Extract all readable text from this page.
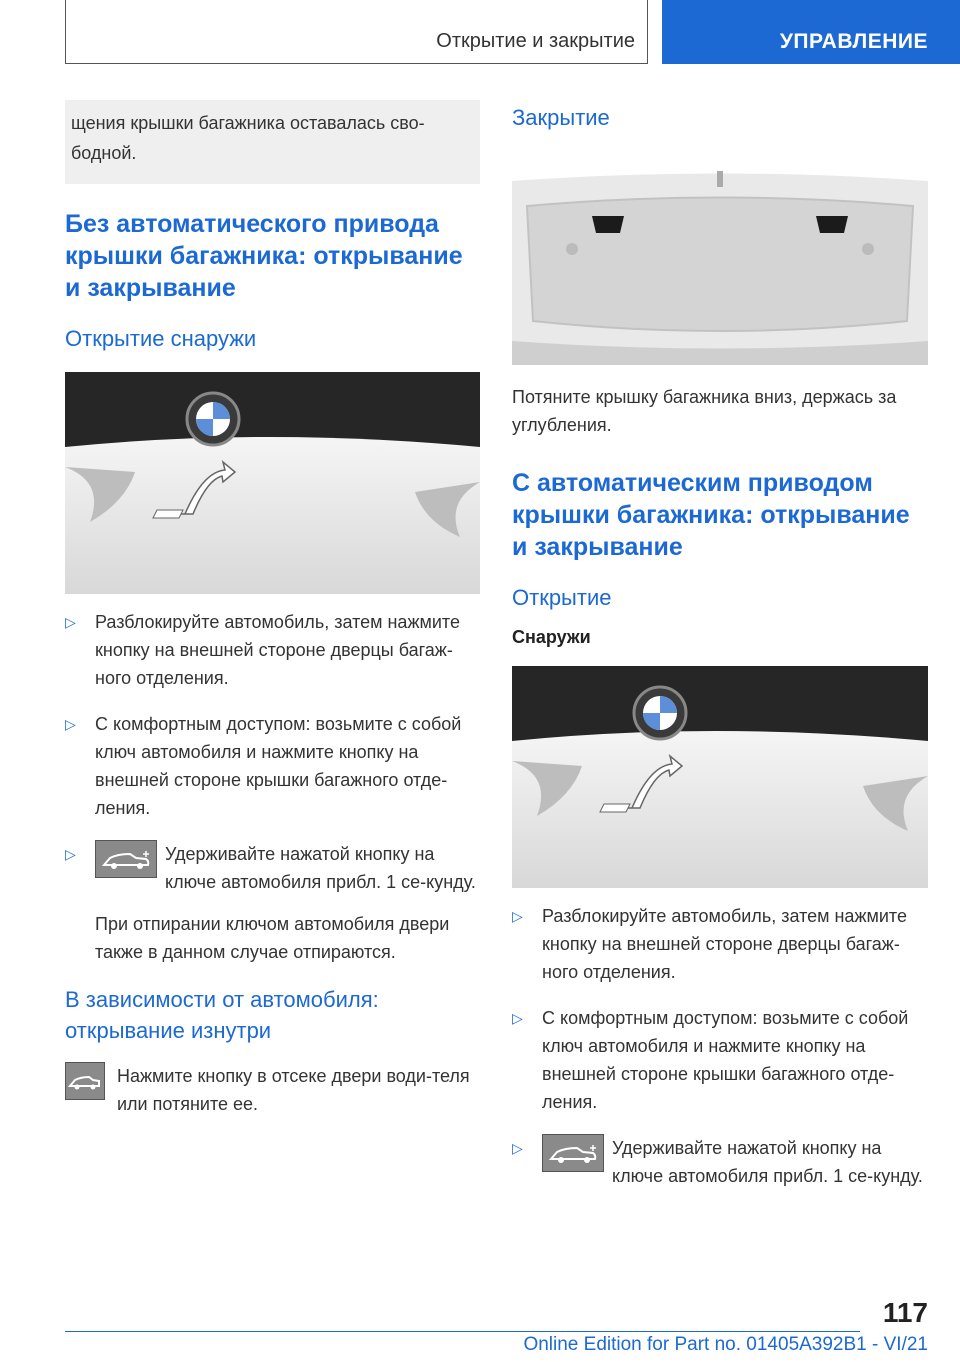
Открытие и закрытие	УПРАВЛЕНИЕ
щения крышки багажника оставалась сво-бодной.
Без автоматического привода крышки багажника: открывание и закрывание
Открытие снаружи
▷ Разблокируйте автомобиль, затем нажмите кнопку на внешней стороне дверцы багаж-ного отделения.
▷ С комфортным доступом: возьмите с собой ключ автомобиля и нажмите кнопку на внешней стороне крышки багажного отде-ления.
▷	Удерживайте нажатой кнопку на ключе автомобиля прибл. 1 се-кунду.

При отпирании ключом автомобиля двери также в данном случае отпираются.

В зависимости от автомобиля: открывание изнутри

Нажмите кнопку в отсеке двери води-теля или потяните ее.

Закрытие

Потяните крышку багажника вниз, держась за углубления.

С автоматическим приводом крышки багажника: открывание и закрывание
Открытие
Снаружи
▷ Разблокируйте автомобиль, затем нажмите кнопку на внешней стороне дверцы багаж-ного отделения.
▷ С комфортным доступом: возьмите с собой ключ автомобиля и нажмите кнопку на внешней стороне крышки багажного отде-ления.
▷	Удерживайте нажатой кнопку на ключе автомобиля прибл. 1 се-кунду.
117
Online Edition for Part no. 01405A392B1 - VI/21
